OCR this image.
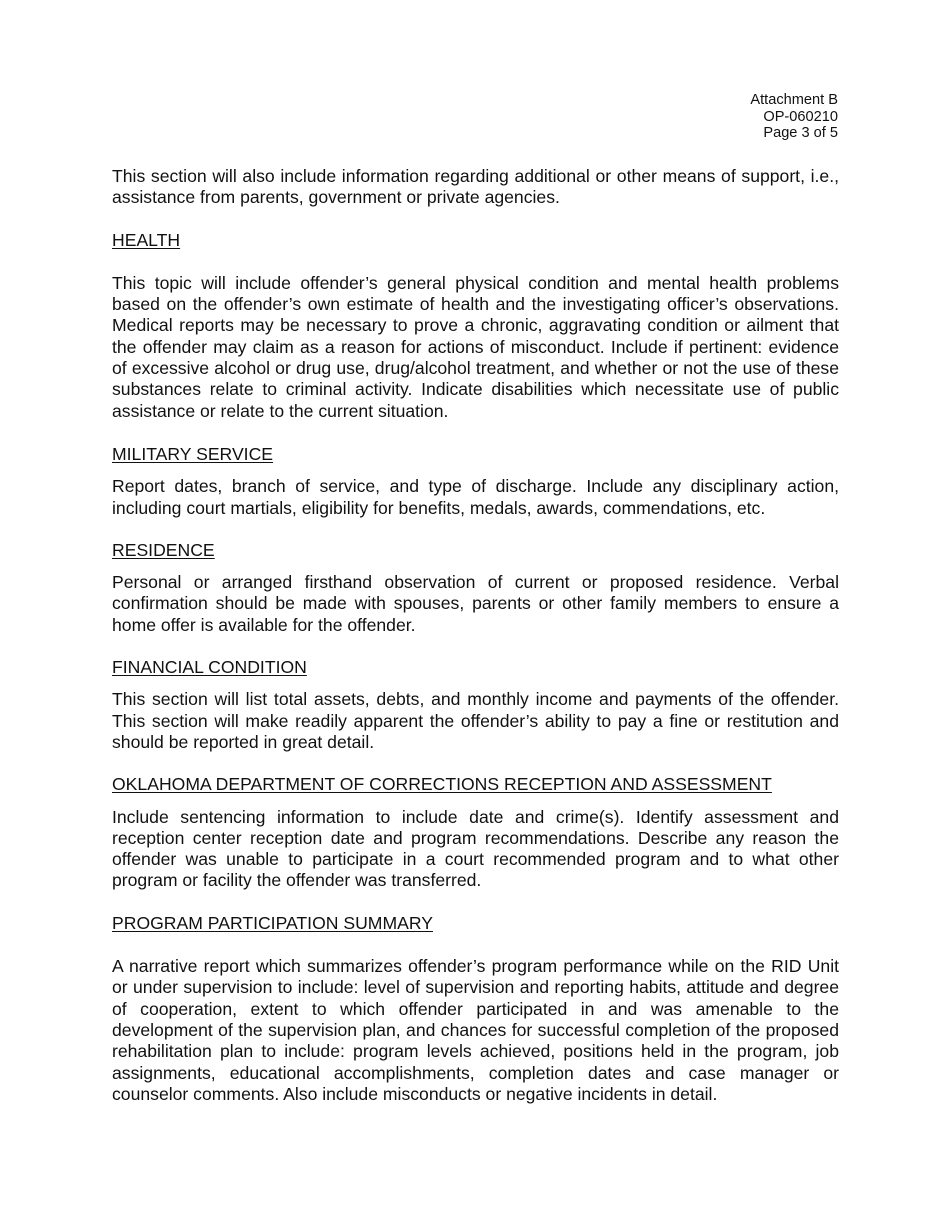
Attachment B
OP-060210
Page 3 of 5

This section will also include information regarding additional or other means of support, i.e., assistance from parents, government or private agencies.

HEALTH

This topic will include offender’s general physical condition and mental health problems based on the offender’s own estimate of health and the investigating officer’s observations. Medical reports may be necessary to prove a chronic, aggravating condition or ailment that the offender may claim as a reason for actions of misconduct. Include if pertinent: evidence of excessive alcohol or drug use, drug/alcohol treatment, and whether or not the use of these substances relate to criminal activity. Indicate disabilities which necessitate use of public assistance or relate to the current situation.

MILITARY SERVICE

Report dates, branch of service, and type of discharge. Include any disciplinary action, including court martials, eligibility for benefits, medals, awards, commendations, etc.

RESIDENCE

Personal or arranged firsthand observation of current or proposed residence. Verbal confirmation should be made with spouses, parents or other family members to ensure a home offer is available for the offender.

FINANCIAL CONDITION

This section will list total assets, debts, and monthly income and payments of the offender. This section will make readily apparent the offender’s ability to pay a fine or restitution and should be reported in great detail.

OKLAHOMA DEPARTMENT OF CORRECTIONS RECEPTION AND ASSESSMENT

Include sentencing information to include date and crime(s). Identify assessment and reception center reception date and program recommendations. Describe any reason the offender was unable to participate in a court recommended program and to what other program or facility the offender was transferred.

PROGRAM PARTICIPATION SUMMARY

A narrative report which summarizes offender’s program performance while on the RID Unit or under supervision to include: level of supervision and reporting habits, attitude and degree of cooperation, extent to which offender participated in and was amenable to the development of the supervision plan, and chances for successful completion of the proposed rehabilitation plan to include: program levels achieved, positions held in the program, job assignments, educational accomplishments, completion dates and case manager or counselor comments. Also include misconducts or negative incidents in detail.
